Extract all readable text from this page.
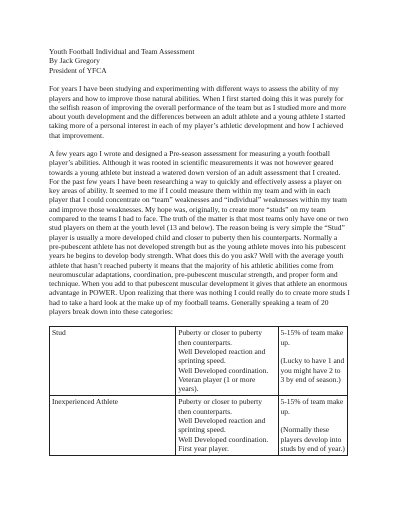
Youth Football Individual and Team Assessment

By Jack Gregory

President of YFCA

For years I have been studying and experimenting with different ways to assess the ability of my players and how to improve those natural abilities. When I first started doing this it was purely for the selfish reason of improving the overall performance of the team but as I studied more and more about youth development and the differences between an adult athlete and a young athlete I started taking more of a personal interest in each of my player’s athletic development and how I achieved that improvement.

A few years ago I wrote and designed a Pre-season assessment for measuring a youth football player’s abilities. Although it was rooted in scientific measurements it was not however geared towards a young athlete but instead a watered down version of an adult assessment that I created. For the past few years I have been researching a way to quickly and effectively assess a player on key areas of ability. It seemed to me if I could measure them within my team and with in each player that I could concentrate on “team” weaknesses and “individual” weaknesses within my team and improve those weaknesses. My hope was, originally, to create more “studs” on my team compared to the teams I had to face. The truth of the matter is that most teams only have one or two stud players on them at the youth level (13 and below). The reason being is very simple the “Stud” player is usually a more developed child and closer to puberty then his counterparts. Normally a pre-pubescent athlete has not developed strength but as the young athlete moves into his pubescent years he begins to develop body strength. What does this do you ask? Well with the average youth athlete that hasn’t reached puberty it means that the majority of his athletic abilities come from neuromuscular adaptations, coordination, pre-pubescent muscular strength, and proper form and technique. When you add to that pubescent muscular development it gives that athlete an enormous advantage in POWER. Upon realizing that there was nothing I could really do to create more studs I had to take a hard look at the make up of my football teams. Generally speaking a team of 20 players break down into these categories:

Stud	Puberty or closer to puberty then counterparts.
Well Developed reaction and sprinting speed.
Well Developed coordination.
Veteran player (1 or more years).	5-15% of team make up.
(Lucky to have 1 and you might have 2 to 3 by end of season.)

Inexperienced Athlete	Puberty or closer to puberty then counterparts.
Well Developed reaction and sprinting speed.
Well Developed coordination.
First year player.	5-15% of team make up.
(Normally these players develop into studs by end of year.)
